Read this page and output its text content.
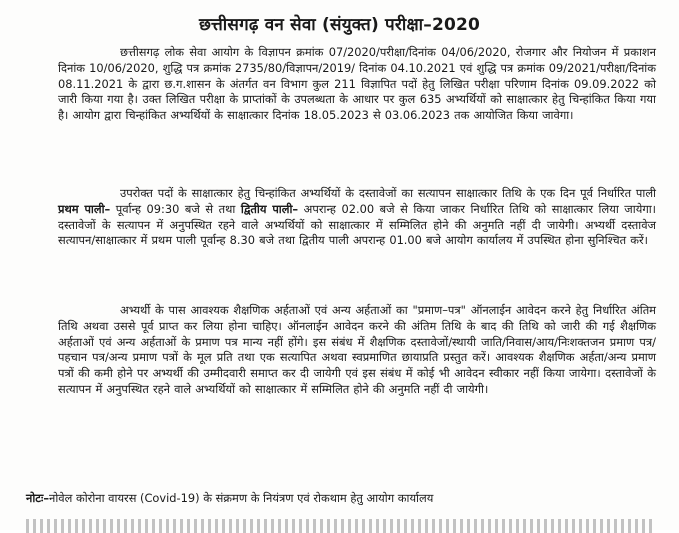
छत्तीसगढ़ वन सेवा (संयुक्त) परीक्षा–2020
छत्तीसगढ़ लोक सेवा आयोग के विज्ञापन क्रमांक 07/2020/परीक्षा/दिनांक 04/06/2020, रोजगार और नियोजन में प्रकाशन दिनांक 10/06/2020, शुद्धि पत्र क्रमांक 2735/80/विज्ञापन/2019/ दिनांक 04.10.2021 एवं शुद्धि पत्र क्रमांक 09/2021/परीक्षा/दिनांक 08.11.2021 के द्वारा छ.ग.शासन के अंतर्गत वन विभाग कुल 211 विज्ञापित पदों हेतु लिखित परीक्षा परिणाम दिनांक 09.09.2022 को जारी किया गया है। उक्त लिखित परीक्षा के प्राप्तांकों के उपलब्धता के आधार पर कुल 635 अभ्यर्थियों को साक्षात्कार हेतु चिन्हांकित किया गया है। आयोग द्वारा चिन्हांकित अभ्यर्थियों के साक्षात्कार दिनांक 18.05.2023 से 03.06.2023 तक आयोजित किया जावेगा।
उपरोक्त पदों के साक्षात्कार हेतु चिन्हांकित अभ्यर्थियों के दस्तावेजों का सत्यापन साक्षात्कार तिथि के एक दिन पूर्व निर्धारित पाली प्रथम पाली– पूर्वान्ह 09:30 बजे से तथा द्वितीय पाली– अपरान्ह 02.00 बजे से किया जाकर निर्धारित तिथि को साक्षात्कार लिया जायेगा। दस्तावेजों के सत्यापन में अनुपस्थित रहने वाले अभ्यर्थियों को साक्षात्कार में सम्मिलित होने की अनुमति नहीं दी जायेगी। अभ्यर्थी दस्तावेज सत्यापन/साक्षात्कार में प्रथम पाली पूर्वान्ह 8.30 बजे तथा द्वितीय पाली अपरान्ह 01.00 बजे आयोग कार्यालय में उपस्थित होना सुनिश्चित करें।
अभ्यर्थी के पास आवश्यक शैक्षणिक अर्हताओं एवं अन्य अर्हताओं का "प्रमाण–पत्र" ऑनलाईन आवेदन करने हेतु निर्धारित अंतिम तिथि अथवा उससे पूर्व प्राप्त कर लिया होना चाहिए। ऑनलाईन आवेदन करने की अंतिम तिथि के बाद की तिथि को जारी की गई शैक्षणिक अर्हताओं एवं अन्य अर्हताओं के प्रमाण पत्र मान्य नहीं होंगे। इस संबंध में शैक्षणिक दस्तावेजों/स्थायी जाति/निवास/आय/निःशक्तजन प्रमाण पत्र/पहचान पत्र/अन्य प्रमाण पत्रों के मूल प्रति तथा एक सत्यापित अथवा स्वप्रमाणित छायाप्रति प्रस्तुत करें। आवश्यक शैक्षणिक अर्हता/अन्य प्रमाण पत्रों की कमी होने पर अभ्यर्थी की उम्मीदवारी समाप्त कर दी जायेगी एवं इस संबंध में कोई भी आवेदन स्वीकार नहीं किया जायेगा। दस्तावेजों के सत्यापन में अनुपस्थित रहने वाले अभ्यर्थियों को साक्षात्कार में सम्मिलित होने की अनुमति नहीं दी जायेगी।
नोटः–नोवेल कोरोना वायरस (Covid-19) के संक्रमण के नियंत्रण एवं रोकथाम हेतु आयोग कार्यालय
